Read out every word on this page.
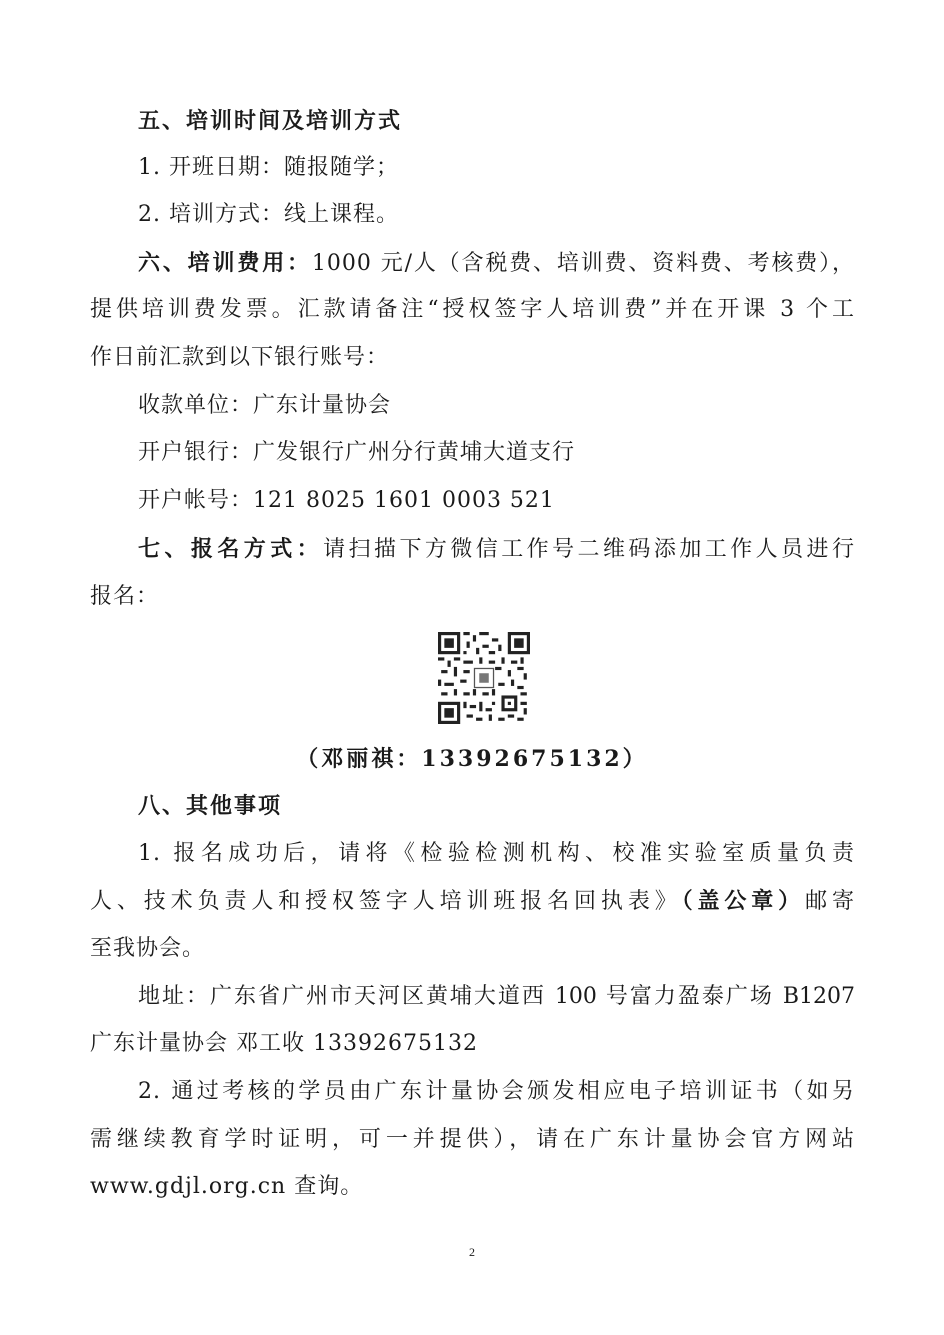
五、培训时间及培训方式
1. 开班日期：随报随学；
2. 培训方式：线上课程。
六、培训费用：1000 元/人（含税费、培训费、资料费、考核费），
提供培训费发票。汇款请备注“授权签字人培训费”并在开课 3 个工
作日前汇款到以下银行账号：
收款单位：广东计量协会
开户银行：广发银行广州分行黄埔大道支行
开户帐号：121 8025 1601 0003 521
七、报名方式：请扫描下方微信工作号二维码添加工作人员进行
报名：
（邓丽祺：13392675132）
八、其他事项
1. 报名成功后，请将《检验检测机构、校准实验室质量负责
人、技术负责人和授权签字人培训班报名回执表》（盖公章）邮寄
至我协会。
地址：广东省广州市天河区黄埔大道西 100 号富力盈泰广场 B1207
广东计量协会 邓工收 13392675132
2. 通过考核的学员由广东计量协会颁发相应电子培训证书（如另
需继续教育学时证明，可一并提供），请在广东计量协会官方网站
www.gdjl.org.cn 查询。
2
